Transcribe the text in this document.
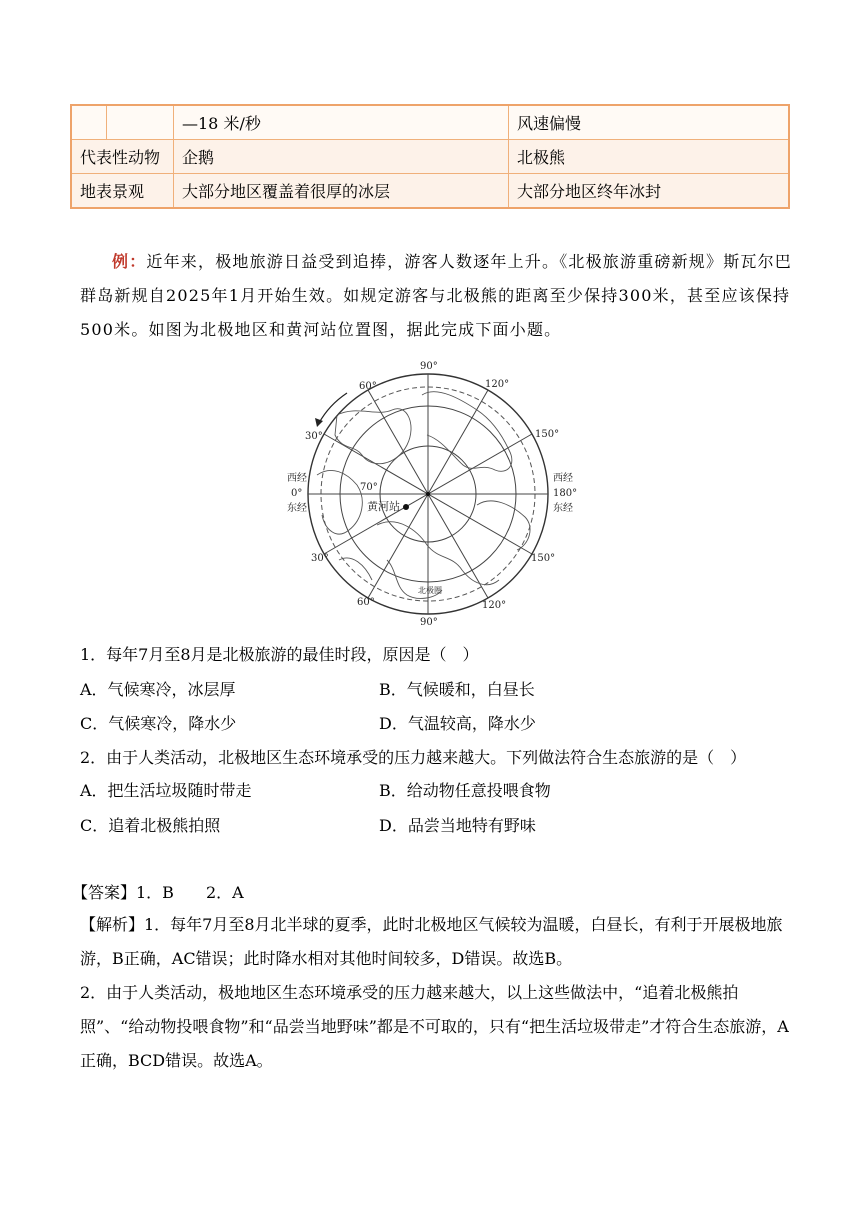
		—18 米/秒	风速偏慢
代表性动物		企鹅	北极熊
地表景观		大部分地区覆盖着很厚的冰层	大部分地区终年冰封
例：近年来，极地旅游日益受到追捧，游客人数逐年上升。《北极旅游重磅新规》斯瓦尔巴群岛新规自2025年1月开始生效。如规定游客与北极熊的距离至少保持300米，甚至应该保持500米。如图为北极地区和黄河站位置图，据此完成下面小题。
90°
60°	120°
30°	150°
西经
0°
东经
西经
180°
东经
70°
黄河站
30°	150°
60°	120°
90°
北极圈
1．每年7月至8月是北极旅游的最佳时段，原因是（　）
A．气候寒冷，冰层厚	B．气候暖和，白昼长
C．气候寒冷，降水少	D．气温较高，降水少
2．由于人类活动，北极地区生态环境承受的压力越来越大。下列做法符合生态旅游的是（　）
A．把生活垃圾随时带走	B．给动物任意投喂食物
C．追着北极熊拍照	D．品尝当地特有野味
【答案】1．B　　2．A
【解析】1．每年7月至8月北半球的夏季，此时北极地区气候较为温暖，白昼长，有利于开展极地旅游，B正确，AC错误；此时降水相对其他时间较多，D错误。故选B。
2．由于人类活动，极地地区生态环境承受的压力越来越大，以上这些做法中，“追着北极熊拍照”、“给动物投喂食物”和“品尝当地野味”都是不可取的，只有“把生活垃圾带走”才符合生态旅游，A正确，BCD错误。故选A。
